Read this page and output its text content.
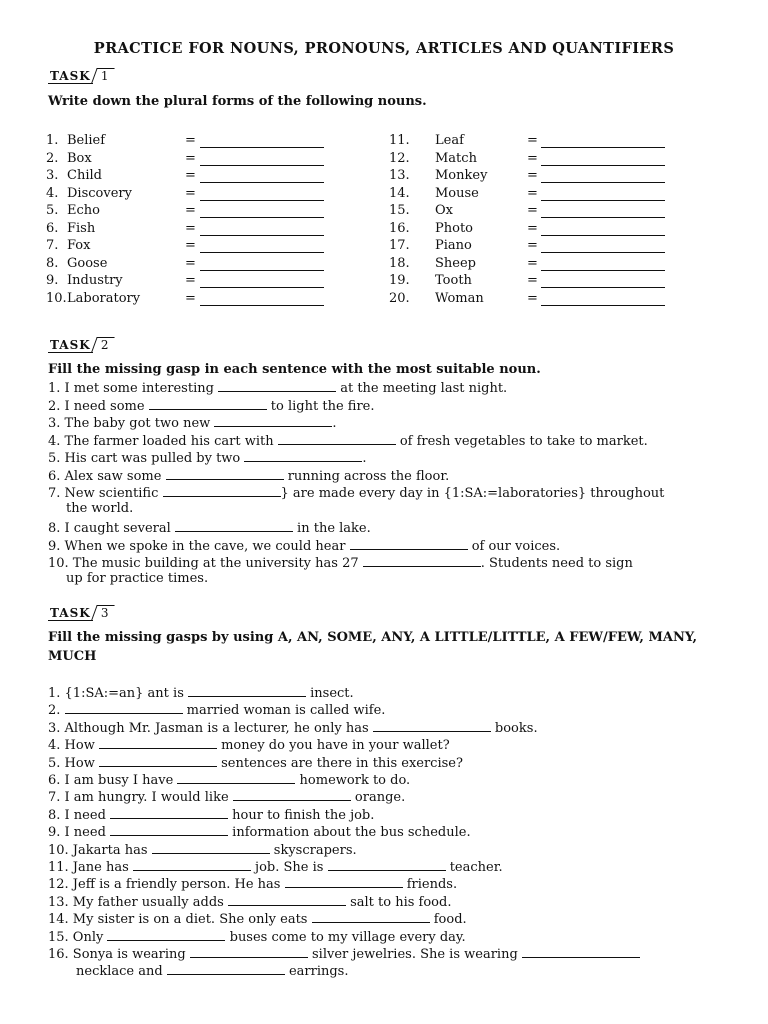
PRACTICE FOR NOUNS, PRONOUNS, ARTICLES AND QUANTIFIERS
TASK 1
Write down the plural forms of the following nouns.
1. Belief	=
2. Box	=
3. Child	=
4. Discovery	=
5. Echo	=
6. Fish	=
7. Fox	=
8. Goose	=
9. Industry	=
10. Laboratory	=
11. Leaf	=
12. Match	=
13. Monkey	=
14. Mouse	=
15. Ox	=
16. Photo	=
17. Piano	=
18. Sheep	=
19. Tooth	=
20. Woman	=
TASK 2
Fill the missing gasp in each sentence with the most suitable noun.
1. I met some interesting	at the meeting last night.
2. I need some	to light the fire.
3. The baby got two new	.
4. The farmer loaded his cart with	of fresh vegetables to take to market.
5. His cart was pulled by two	.
6. Alex saw some	running across the floor.
7. New scientific	} are made every day in {1:SA:=laboratories} throughout
the world.
8. I caught several	in the lake.
9. When we spoke in the cave, we could hear	of our voices.
10. The music building at the university has 27	. Students need to sign
up for practice times.
TASK 3
Fill the missing gasps by using A, AN, SOME, ANY, A LITTLE/LITTLE, A FEW/FEW, MANY, MUCH
1. {1:SA:=an} ant is	insect.
2.	married woman is called wife.
3. Although Mr. Jasman is a lecturer, he only has	books.
4. How	money do you have in your wallet?
5. How	sentences are there in this exercise?
6. I am busy I have	homework to do.
7. I am hungry. I would like	orange.
8. I need	hour to finish the job.
9. I need	information about the bus schedule.
10. Jakarta has	skyscrapers.
11. Jane has	job. She is	teacher.
12. Jeff is a friendly person. He has	friends.
13. My father usually adds	salt to his food.
14. My sister is on a diet. She only eats	food.
15. Only	buses come to my village every day.
16. Sonya is wearing	silver jewelries. She is wearing
necklace and	earrings.
